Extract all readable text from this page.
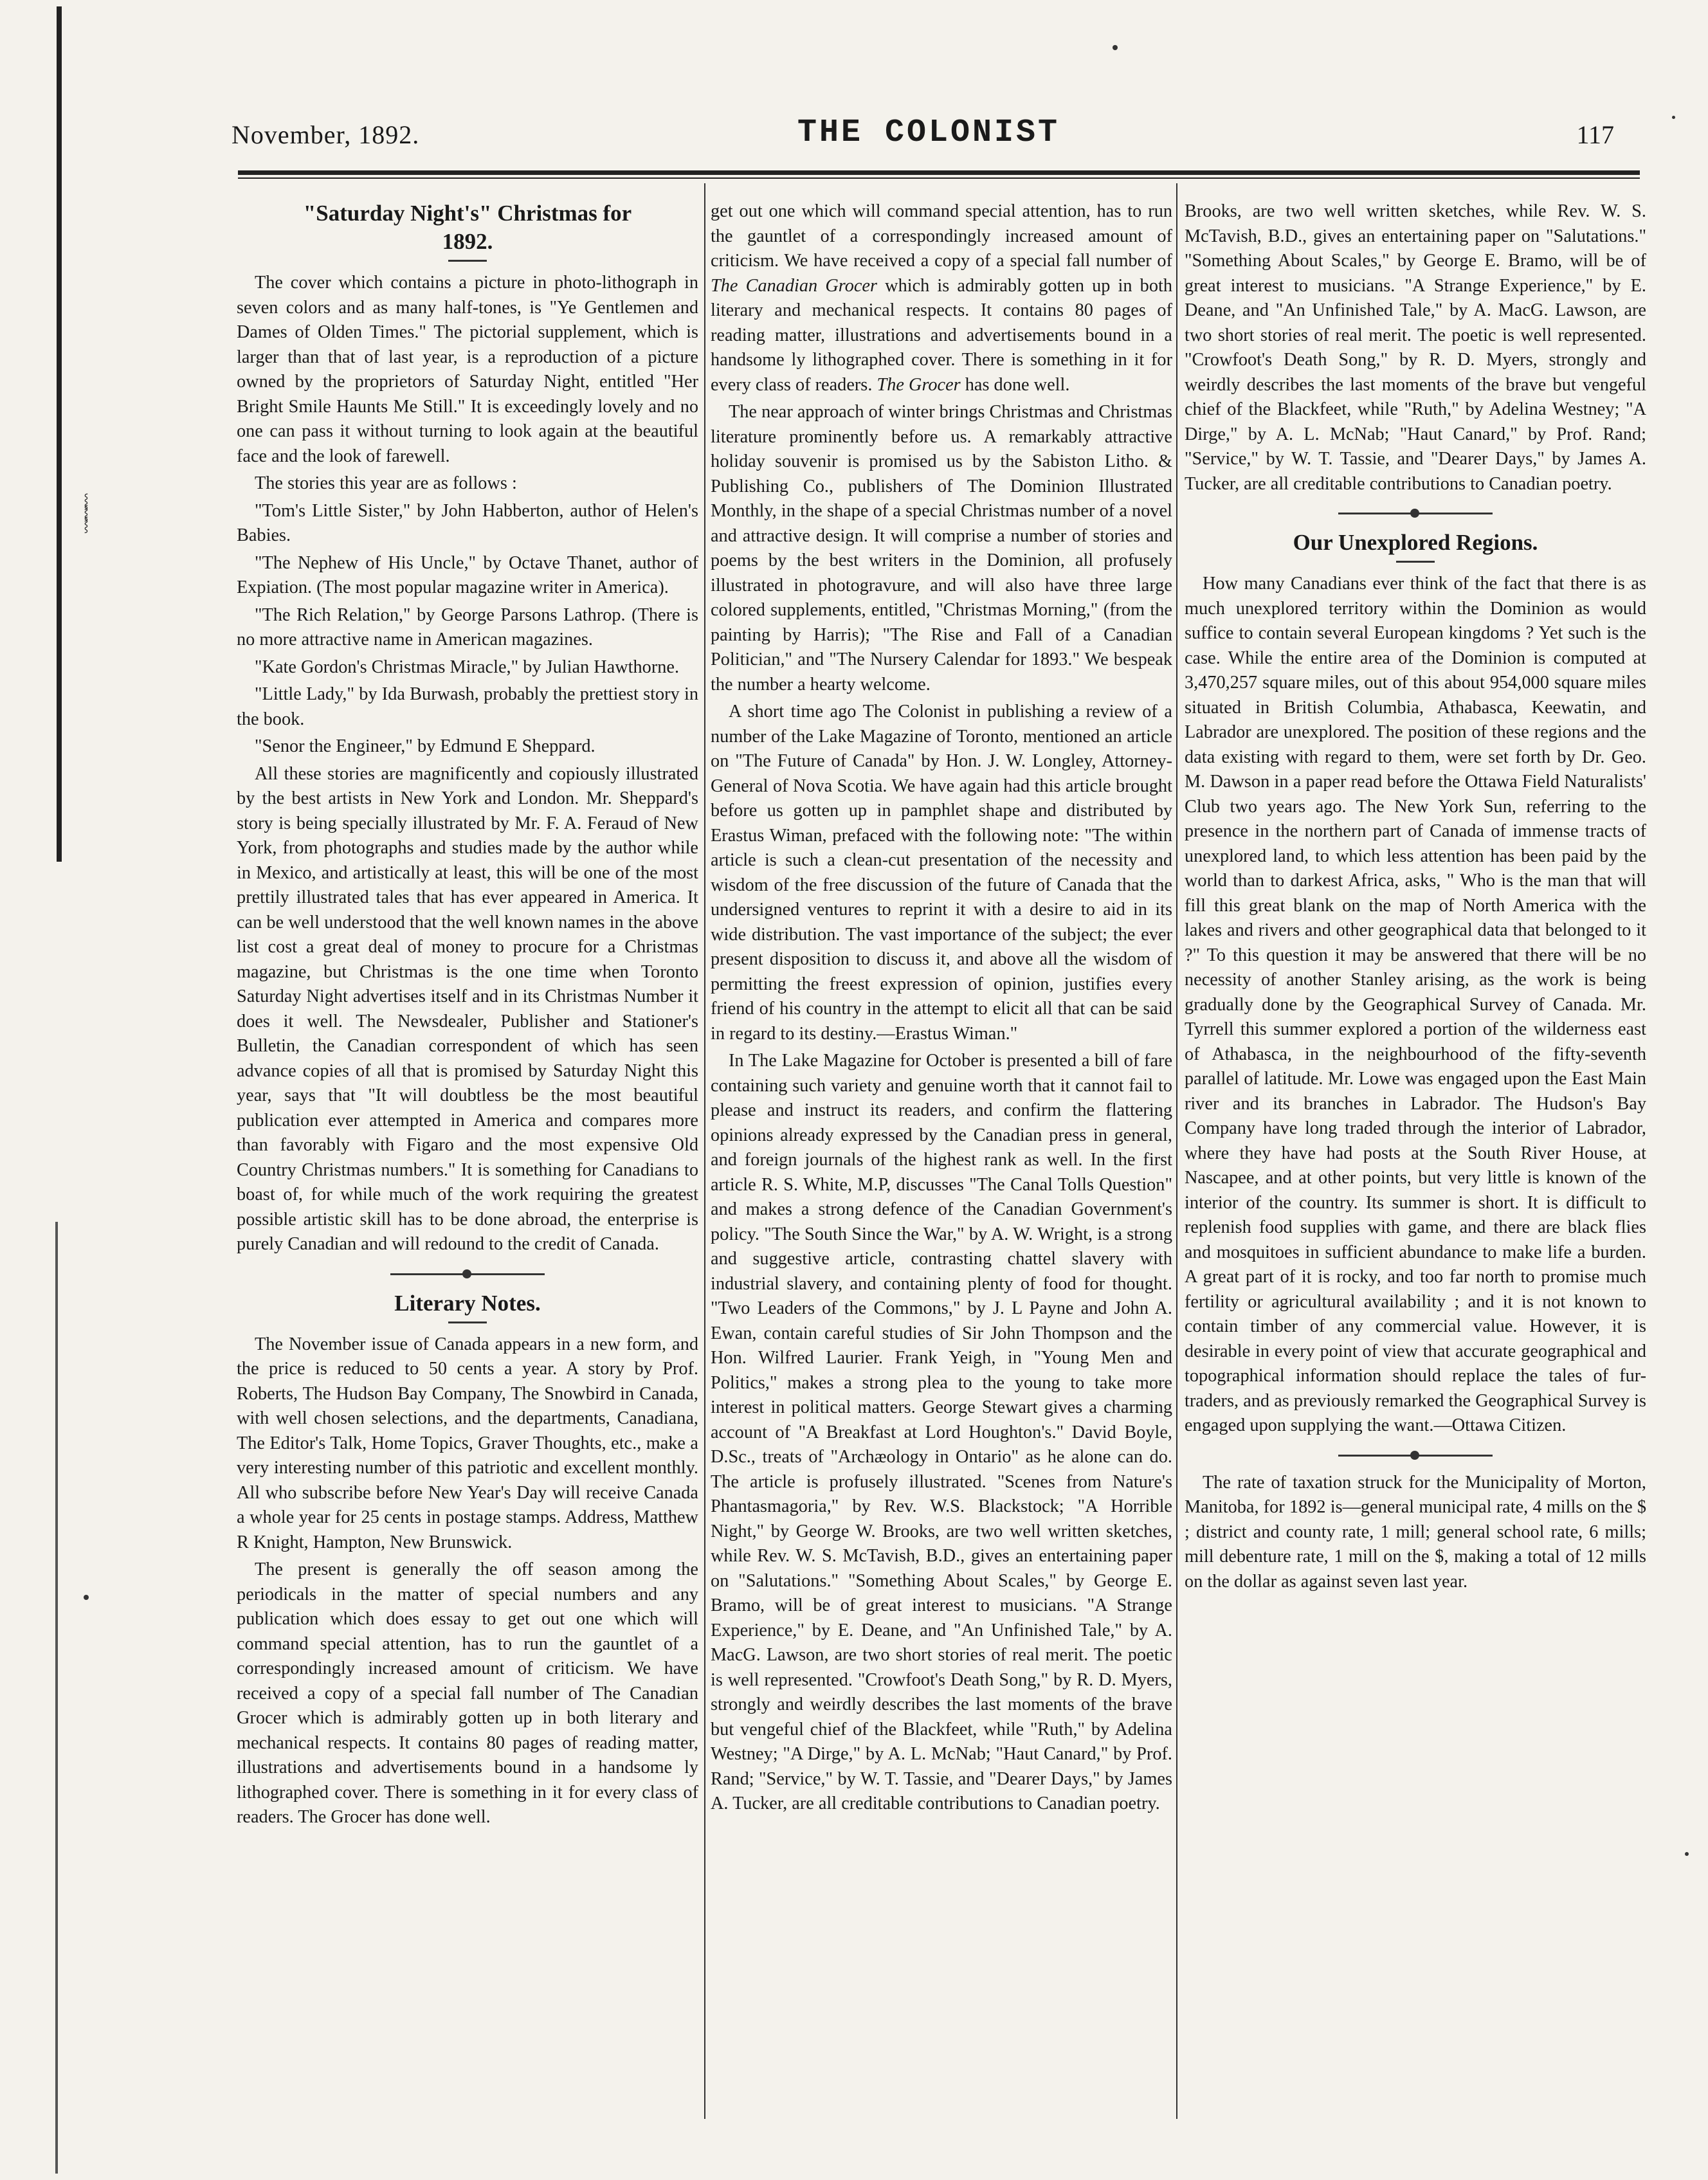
⸾
⸾
⸾
November, 1892.	THE COLONIST	117
"Saturday Night's" Christmas for
1892.

The cover which contains a picture in photo-lithograph in seven colors and as many half-tones, is "Ye Gentlemen and Dames of Olden Times." The pictorial supplement, which is larger than that of last year, is a reproduction of a picture owned by the proprietors of Saturday Night, entitled "Her Bright Smile Haunts Me Still." It is exceedingly lovely and no one can pass it without turning to look again at the beautiful face and the look of farewell.

The stories this year are as follows :

"Tom's Little Sister," by John Habberton, author of Helen's Babies.

"The Nephew of His Uncle," by Octave Thanet, author of Expiation. (The most popular magazine writer in America).

"The Rich Relation," by George Parsons Lathrop. (There is no more attractive name in American magazines.

"Kate Gordon's Christmas Miracle," by Julian Hawthorne.

"Little Lady," by Ida Burwash, probably the prettiest story in the book.

"Senor the Engineer," by Edmund E Sheppard.

All these stories are magnificently and copiously illustrated by the best artists in New York and London. Mr. Sheppard's story is being specially illustrated by Mr. F. A. Feraud of New York, from photographs and studies made by the author while in Mexico, and artistically at least, this will be one of the most prettily illustrated tales that has ever appeared in America. It can be well understood that the well known names in the above list cost a great deal of money to procure for a Christmas magazine, but Christmas is the one time when Toronto Saturday Night advertises itself and in its Christmas Number it does it well. The Newsdealer, Publisher and Stationer's Bulletin, the Canadian correspondent of which has seen advance copies of all that is promised by Saturday Night this year, says that "It will doubtless be the most beautiful publication ever attempted in America and compares more than favorably with Figaro and the most expensive Old Country Christmas numbers." It is something for Canadians to boast of, for while much of the work requiring the greatest possible artistic skill has to be done abroad, the enterprise is purely Canadian and will redound to the credit of Canada.

Literary Notes.

The November issue of Canada appears in a new form, and the price is reduced to 50 cents a year. A story by Prof. Roberts, The Hudson Bay Company, The Snowbird in Canada, with well chosen selections, and the departments, Canadiana, The Editor's Talk, Home Topics, Graver Thoughts, etc., make a very interesting number of this patriotic and excellent monthly. All who subscribe before New Year's Day will receive Canada a whole year for 25 cents in postage stamps. Address, Matthew R Knight, Hampton, New Brunswick.

The present is generally the off season among the periodicals in the matter of special numbers and any publication which does essay to get out one which will command special attention, has to run the gauntlet of a correspondingly increased amount of criticism. We have received a copy of a special fall number of The Canadian Grocer which is admirably gotten up in both literary and mechanical respects. It contains 80 pages of reading matter, illustrations and advertisements bound in a handsome ly lithographed cover. There is something in it for every class of readers. The Grocer has done well.

get out one which will command special attention, has to run the gauntlet of a correspondingly increased amount of criticism. We have received a copy of a special fall number of The Canadian Grocer which is admirably gotten up in both literary and mechanical respects. It contains 80 pages of reading matter, illustrations and advertisements bound in a handsome ly lithographed cover. There is something in it for every class of readers. The Grocer has done well.

The near approach of winter brings Christmas and Christmas literature prominently before us. A remarkably attractive holiday souvenir is promised us by the Sabiston Litho. & Publishing Co., publishers of The Dominion Illustrated Monthly, in the shape of a special Christmas number of a novel and attractive design. It will comprise a number of stories and poems by the best writers in the Dominion, all profusely illustrated in photogravure, and will also have three large colored supplements, entitled, "Christmas Morning," (from the painting by Harris); "The Rise and Fall of a Canadian Politician," and "The Nursery Calendar for 1893." We bespeak the number a hearty welcome.

A short time ago The Colonist in publishing a review of a number of the Lake Magazine of Toronto, mentioned an article on "The Future of Canada" by Hon. J. W. Longley, Attorney-General of Nova Scotia. We have again had this article brought before us gotten up in pamphlet shape and distributed by Erastus Wiman, prefaced with the following note: "The within article is such a clean-cut presentation of the necessity and wisdom of the free discussion of the future of Canada that the undersigned ventures to reprint it with a desire to aid in its wide distribution. The vast importance of the subject; the ever present disposition to discuss it, and above all the wisdom of permitting the freest expression of opinion, justifies every friend of his country in the attempt to elicit all that can be said in regard to its destiny.—Erastus Wiman."

In The Lake Magazine for October is presented a bill of fare containing such variety and genuine worth that it cannot fail to please and instruct its readers, and confirm the flattering opinions already expressed by the Canadian press in general, and foreign journals of the highest rank as well. In the first article R. S. White, M.P, discusses "The Canal Tolls Question" and makes a strong defence of the Canadian Government's policy. "The South Since the War," by A. W. Wright, is a strong and suggestive article, contrasting chattel slavery with industrial slavery, and containing plenty of food for thought. "Two Leaders of the Commons," by J. L Payne and John A. Ewan, contain careful studies of Sir John Thompson and the Hon. Wilfred Laurier. Frank Yeigh, in "Young Men and Politics," makes a strong plea to the young to take more interest in political matters. George Stewart gives a charming account of "A Breakfast at Lord Houghton's." David Boyle, D.Sc., treats of "Archæology in Ontario" as he alone can do. The article is profusely illustrated. "Scenes from Nature's Phantasmagoria," by Rev. W.S. Blackstock; "A Horrible Night," by George W. Brooks, are two well written sketches, while Rev. W. S. McTavish, B.D., gives an entertaining paper on "Salutations." "Something About Scales," by George E. Bramo, will be of great interest to musicians. "A Strange Experience," by E. Deane, and "An Unfinished Tale," by A. MacG. Lawson, are two short stories of real merit. The poetic is well represented. "Crowfoot's Death Song," by R. D. Myers, strongly and weirdly describes the last moments of the brave but vengeful chief of the Blackfeet, while "Ruth," by Adelina Westney; "A Dirge," by A. L. McNab; "Haut Canard," by Prof. Rand; "Service," by W. T. Tassie, and "Dearer Days," by James A. Tucker, are all creditable contributions to Canadian poetry.

Brooks, are two well written sketches, while Rev. W. S. McTavish, B.D., gives an entertaining paper on "Salutations." "Something About Scales," by George E. Bramo, will be of great interest to musicians. "A Strange Experience," by E. Deane, and "An Unfinished Tale," by A. MacG. Lawson, are two short stories of real merit. The poetic is well represented. "Crowfoot's Death Song," by R. D. Myers, strongly and weirdly describes the last moments of the brave but vengeful chief of the Blackfeet, while "Ruth," by Adelina Westney; "A Dirge," by A. L. McNab; "Haut Canard," by Prof. Rand; "Service," by W. T. Tassie, and "Dearer Days," by James A. Tucker, are all creditable contributions to Canadian poetry.

Our Unexplored Regions.

How many Canadians ever think of the fact that there is as much unexplored territory within the Dominion as would suffice to contain several European kingdoms ? Yet such is the case. While the entire area of the Dominion is computed at 3,470,257 square miles, out of this about 954,000 square miles situated in British Columbia, Athabasca, Keewatin, and Labrador are unexplored. The position of these regions and the data existing with regard to them, were set forth by Dr. Geo. M. Dawson in a paper read before the Ottawa Field Naturalists' Club two years ago. The New York Sun, referring to the presence in the northern part of Canada of immense tracts of unexplored land, to which less attention has been paid by the world than to darkest Africa, asks, " Who is the man that will fill this great blank on the map of North America with the lakes and rivers and other geographical data that belonged to it ?" To this question it may be answered that there will be no necessity of another Stanley arising, as the work is being gradually done by the Geographical Survey of Canada. Mr. Tyrrell this summer explored a portion of the wilderness east of Athabasca, in the neighbourhood of the fifty-seventh parallel of latitude. Mr. Lowe was engaged upon the East Main river and its branches in Labrador. The Hudson's Bay Company have long traded through the interior of Labrador, where they have had posts at the South River House, at Nascapee, and at other points, but very little is known of the interior of the country. Its summer is short. It is difficult to replenish food supplies with game, and there are black flies and mosquitoes in sufficient abundance to make life a burden. A great part of it is rocky, and too far north to promise much fertility or agricultural availability ; and it is not known to contain timber of any commercial value. However, it is desirable in every point of view that accurate geographical and topographical information should replace the tales of fur-traders, and as previously remarked the Geographical Survey is engaged upon supplying the want.—Ottawa Citizen.

The rate of taxation struck for the Municipality of Morton, Manitoba, for 1892 is—general municipal rate, 4 mills on the $ ; district and county rate, 1 mill; general school rate, 6 mills; mill debenture rate, 1 mill on the $, making a total of 12 mills on the dollar as against seven last year.
